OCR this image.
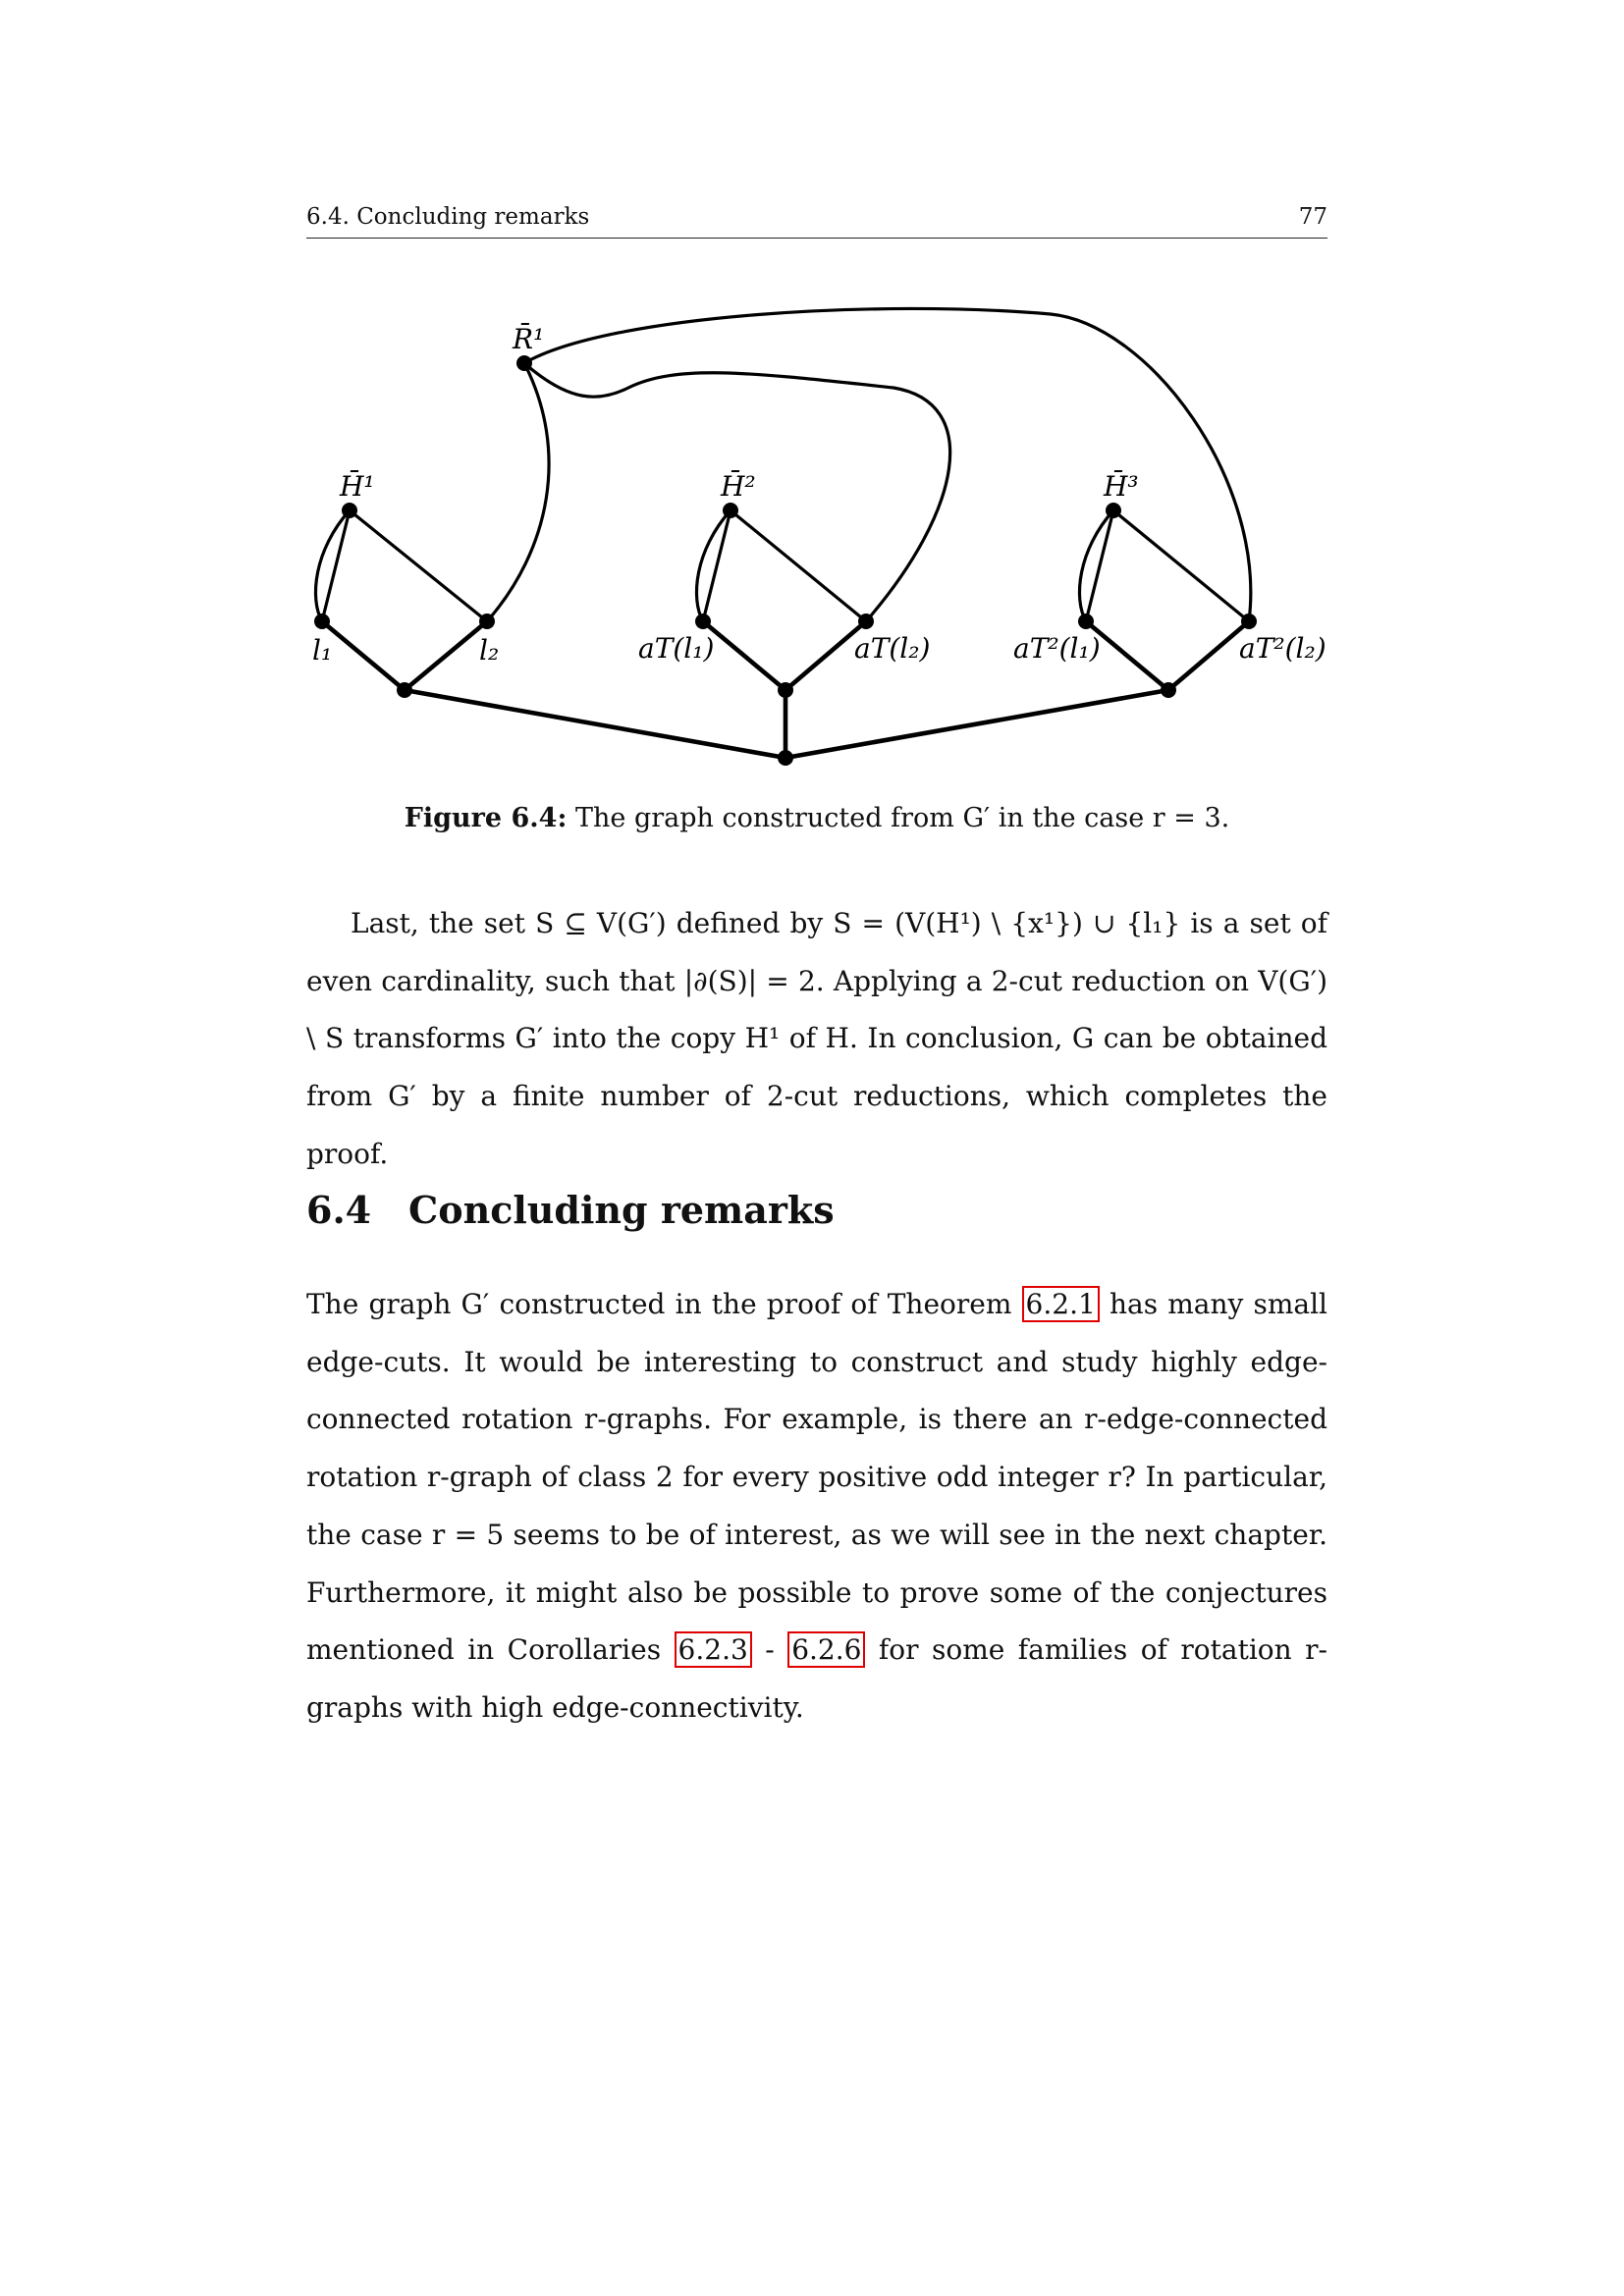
6.4. Concluding remarks	77
R̄¹
H̄¹	H̄²	H̄³
l₁	l₂	aT(l₁)	aT(l₂)	aT²(l₁)	aT²(l₂)
Figure 6.4: The graph constructed from G′ in the case r = 3.
Last, the set S ⊆ V(G′) defined by S = (V(H¹) \ {x¹}) ∪ {l₁} is a set of even cardinality, such that |∂(S)| = 2. Applying a 2-cut reduction on V(G′) \ S transforms G′ into the copy H¹ of H. In conclusion, G can be obtained from G′ by a finite number of 2-cut reductions, which completes the proof.
6.4 Concluding remarks
The graph G′ constructed in the proof of Theorem 6.2.1 has many small edge-cuts. It would be interesting to construct and study highly edge-connected rotation r-graphs. For example, is there an r-edge-connected rotation r-graph of class 2 for every positive odd integer r? In particular, the case r = 5 seems to be of interest, as we will see in the next chapter. Furthermore, it might also be possible to prove some of the conjectures mentioned in Corollaries 6.2.3 - 6.2.6 for some families of rotation r-graphs with high edge-connectivity.
